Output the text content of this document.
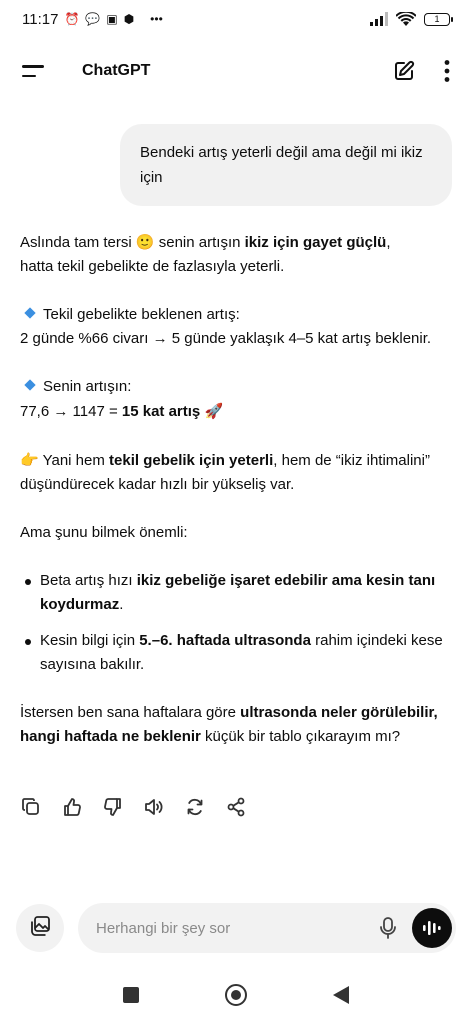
11:17 ⏰ 💬 ▣ ⬢ •••	1
ChatGPT
Bendeki artış yeterli değil ama değil mi ikiz için

Aslında tam tersi 🙂 senin artışın ikiz için gayet güçlü,
hatta tekil gebelikte de fazlasıyla yeterli.

Tekil gebelikte beklenen artış:
2 günde %66 civarı → 5 günde yaklaşık 4–5 kat artış beklenir.

Senin artışın:
77,6 → 1147 = 15 kat artış 🚀

👉 Yani hem tekil gebelik için yeterli, hem de “ikiz ihtimalini” düşündürecek kadar hızlı bir yükseliş var.

Ama şunu bilmek önemli:

Beta artış hızı ikiz gebeliğe işaret edebilir ama kesin tanı koydurmaz.
Kesin bilgi için 5.–6. haftada ultrasonda rahim içindeki kese sayısına bakılır.

İstersen ben sana haftalara göre ultrasonda neler görülebilir, hangi haftada ne beklenir küçük bir tablo çıkarayım mı?

Herhangi bir şey sor
